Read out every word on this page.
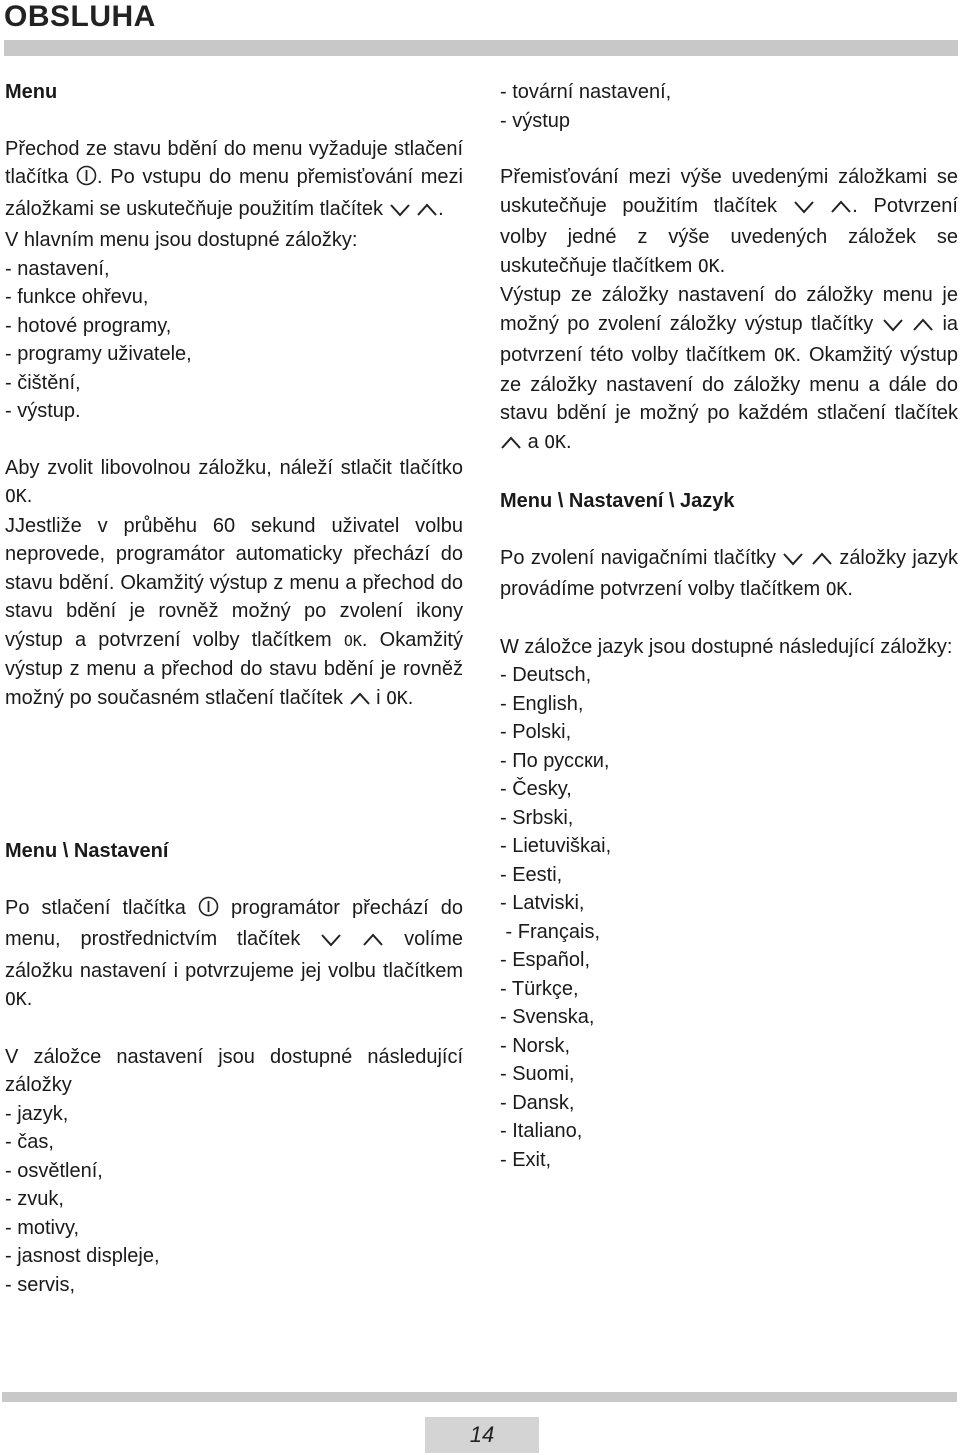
OBSLUHA
Menu

Přechod ze stavu bdění do menu vyžaduje stlačení tlačítka . Po vstupu do menu přemisťování mezi záložkami se uskutečňuje použitím tlačítek	.

V hlavním menu jsou dostupné záložky:
- nastavení,
- funkce ohřevu,
- hotové programy,
- programy uživatele,
- čištění,
- výstup.

Aby zvolit libovolnou záložku, náleží stlačit tlačítko OK.

JJestliže v průběhu 60 sekund uživatel volbu neprovede, programátor automaticky přechází do stavu bdění. Okamžitý výstup z menu a přechod do stavu bdění je rovněž možný po zvolení ikony výstup a potvrzení volby tlačítkem OK. Okamžitý výstup z menu a přechod do stavu bdění je rovněž možný po současném stlačení tlačítek i OK.

Menu \ Nastavení

Po stlačení tlačítka programátor přechází do menu, prostřednictvím tlačítek	volíme záložku nastavení i potvrzujeme jej volbu tlačítkem OK.

V záložce nastavení jsou dostupné následující záložky

- jazyk,
- čas,
- osvětlení,
- zvuk,
- motivy,
- jasnost displeje,
- servis,
- tovární nastavení,
- výstup

Přemisťování mezi výše uvedenými záložkami se uskutečňuje použitím tlačítek	. Potvrzení volby jedné z výše uvedených záložek se uskutečňuje tlačítkem OK.

Výstup ze záložky nastavení do záložky menu je možný po zvolení záložky výstup tlačítky	ia potvrzení této volby tlačítkem OK. Okamžitý výstup ze záložky nastavení do záložky menu a dále do stavu bdění je možný po každém stlačení tlačítek  a OK.

Menu \ Nastavení \ Jazyk

Po zvolení navigačními tlačítky	záložky jazyk provádíme potvrzení volby tlačítkem OK.

W záložce jazyk jsou dostupné následující záložky:

- Deutsch,
- English,
- Polski,
- По русски,
- Česky,
- Srbski,
- Lietuviškai,
- Eesti,
- Latviski,
- Français,
- Español,
- Türkçe,
- Svenska,
- Norsk,
- Suomi,
- Dansk,
- Italiano,
- Exit,
14
